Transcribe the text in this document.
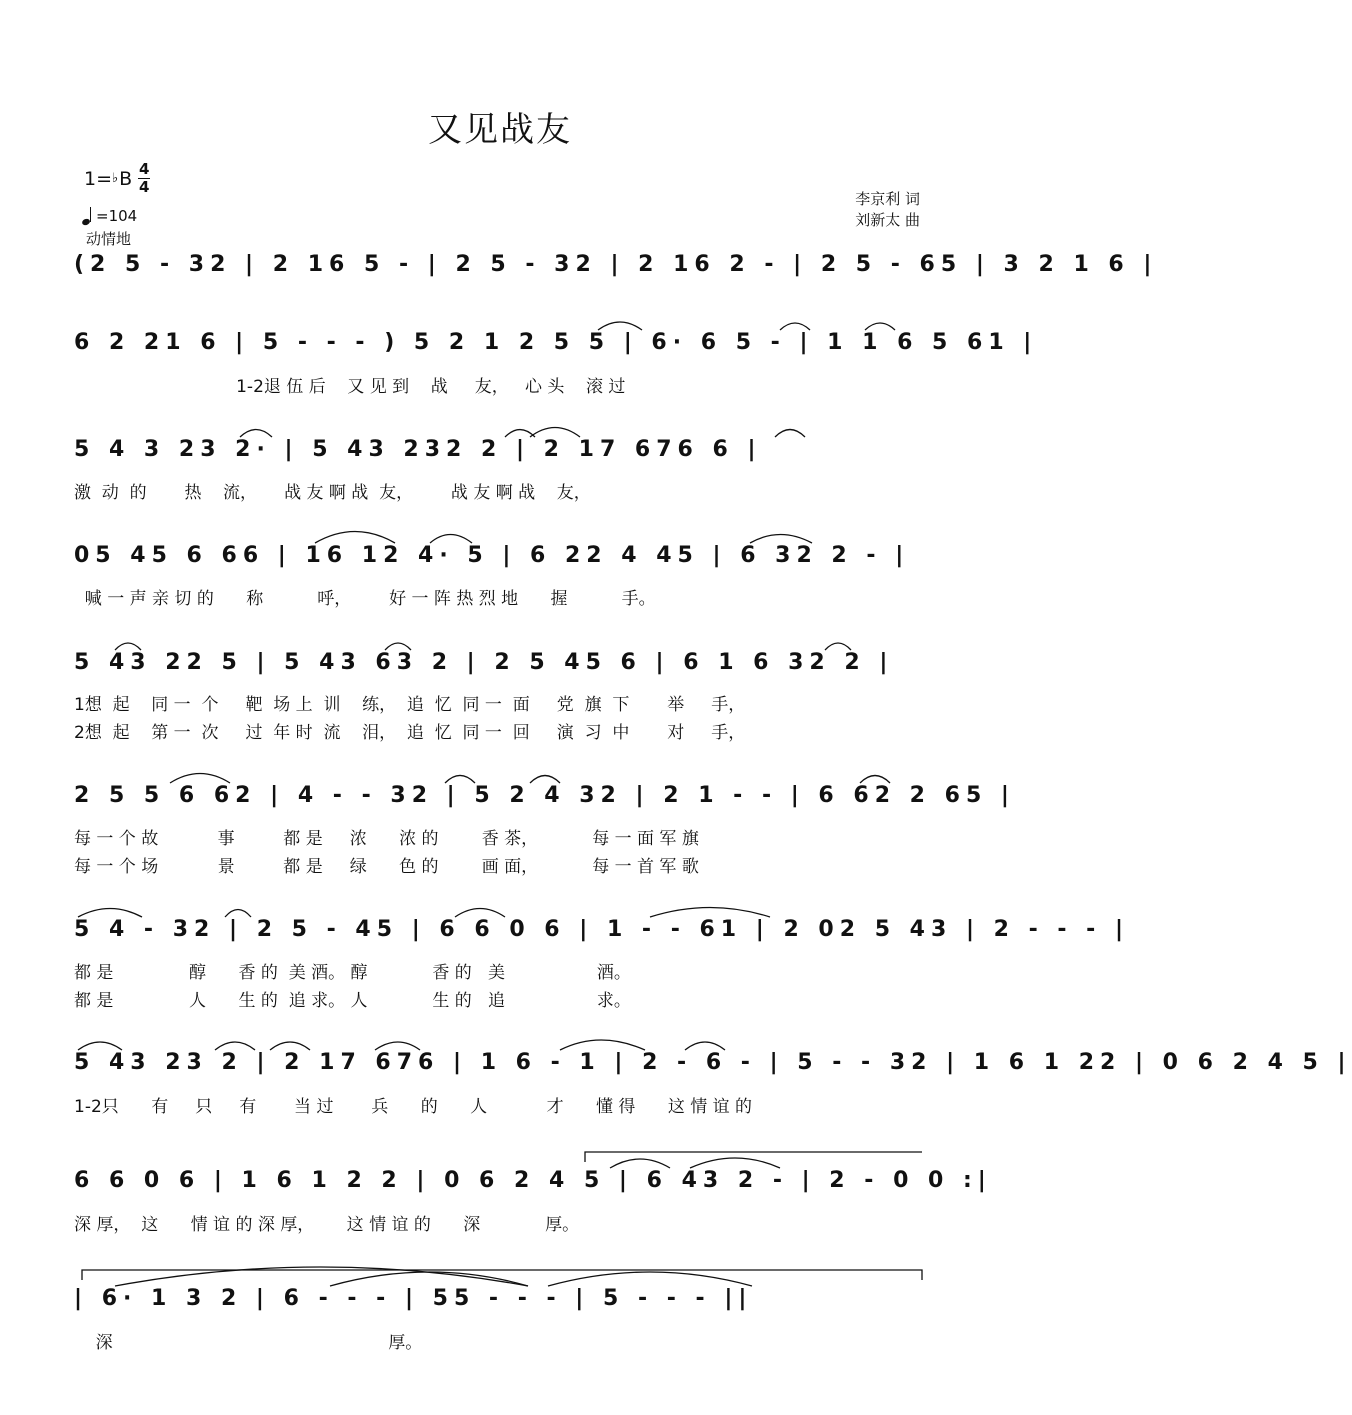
又见战友
1= ♭ B 4
4
=104
动情地
李京利 词
刘新太 曲
(2 5 - 32 | 2 16 5 - | 2 5 - 32 | 2 16 2 - | 2 5 - 65 | 3 2 1 6 |
6 2 21 6 | 5 - - - ) 5 2 1 2 5 5 | 6· 6 5 - | 1 1 6 5 61 |
1-2退 伍 后    又 见 到    战     友，   心 头    滚 过
5 4 3 23 2· | 5 43 232 2 | 2 17 676 6 |
激  动  的       热    流，     战 友 啊 战  友，       战 友 啊 战    友，
05 45 6 66 | 16 12 4· 5 | 6 22 4 45 | 6 32 2 - |
喊 一 声 亲 切 的      称          呼，       好 一 阵 热 烈 地      握          手。
5 43 22 5 | 5 43 63 2 | 2 5 45 6 | 6 1 6 32 2 |
1想  起    同 一  个     靶  场 上  训    练，  追  忆  同 一  面     党  旗  下       举     手，
2想  起    第 一  次     过  年 时  流    泪，  追  忆  同 一  回     演  习  中       对     手，
2 5 5 6 62 | 4 - - 32 | 5 2 4 32 | 2 1 - - | 6 62 2 65 |
每 一 个 故           事         都 是     浓      浓 的        香 茶，          每 一 面 军 旗
每 一 个 场           景         都 是     绿      色 的        画 面，          每 一 首 军 歌
5 4 - 32 | 2 5 - 45 | 6 6 0 6 | 1 - - 61 | 2 02 5 43 | 2 - - - |
都 是              醇      香 的  美 酒。 醇            香 的   美                 酒。
都 是              人      生 的  追 求。 人            生 的   追                 求。
5 43 23 2 | 2 17 676 | 1 6 - 1 | 2 - 6 - | 5 - - 32 | 1 6 1 22 | 0 6 2 4 5 |
1-2只      有     只     有       当 过       兵      的      人           才      懂 得      这 情 谊 的
6 6 0 6 | 1 6 1 2 2 | 0 6 2 4 5 | 6 43 2 - | 2 - 0 0 :|
深 厚，  这      情 谊 的 深 厚，      这 情 谊 的      深            厚。
| 6· 1 3 2 | 6 - - - | 55 - - - | 5 - - - ||
深                                                   厚。
